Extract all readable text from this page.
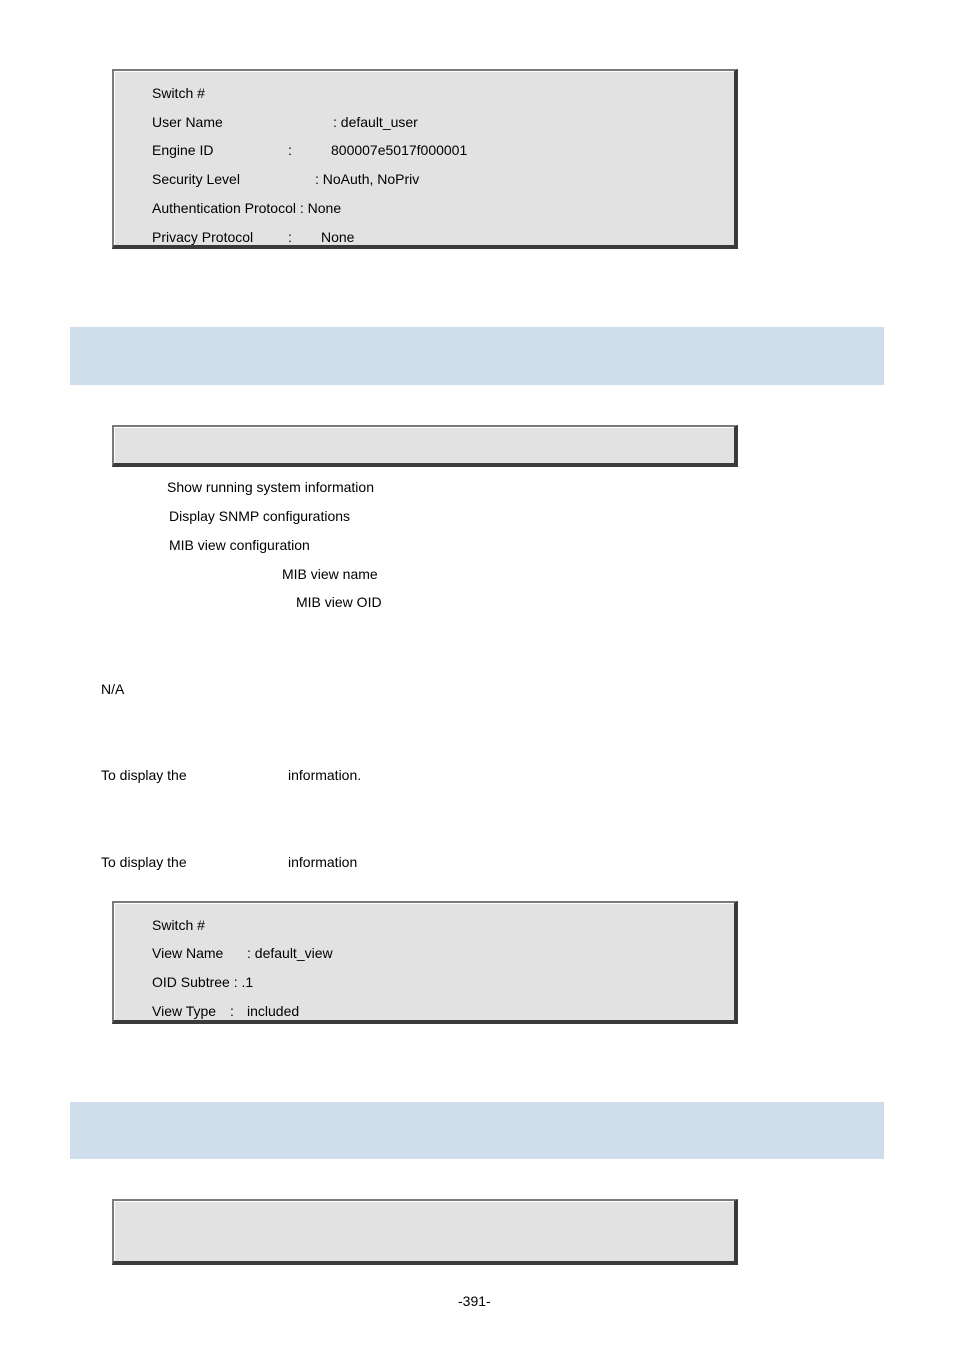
Switch #
User Name	: default_user
Engine ID	:	800007e5017f000001
Security Level	: NoAuth, NoPriv
Authentication Protocol : None
Privacy Protocol : None
Show running system information
Display SNMP configurations
MIB view configuration
MIB view name
MIB view OID
N/A
To display the	information.
To display the	information
Switch #
View Name : default_view
OID Subtree : .1
View Type : included
-391-
